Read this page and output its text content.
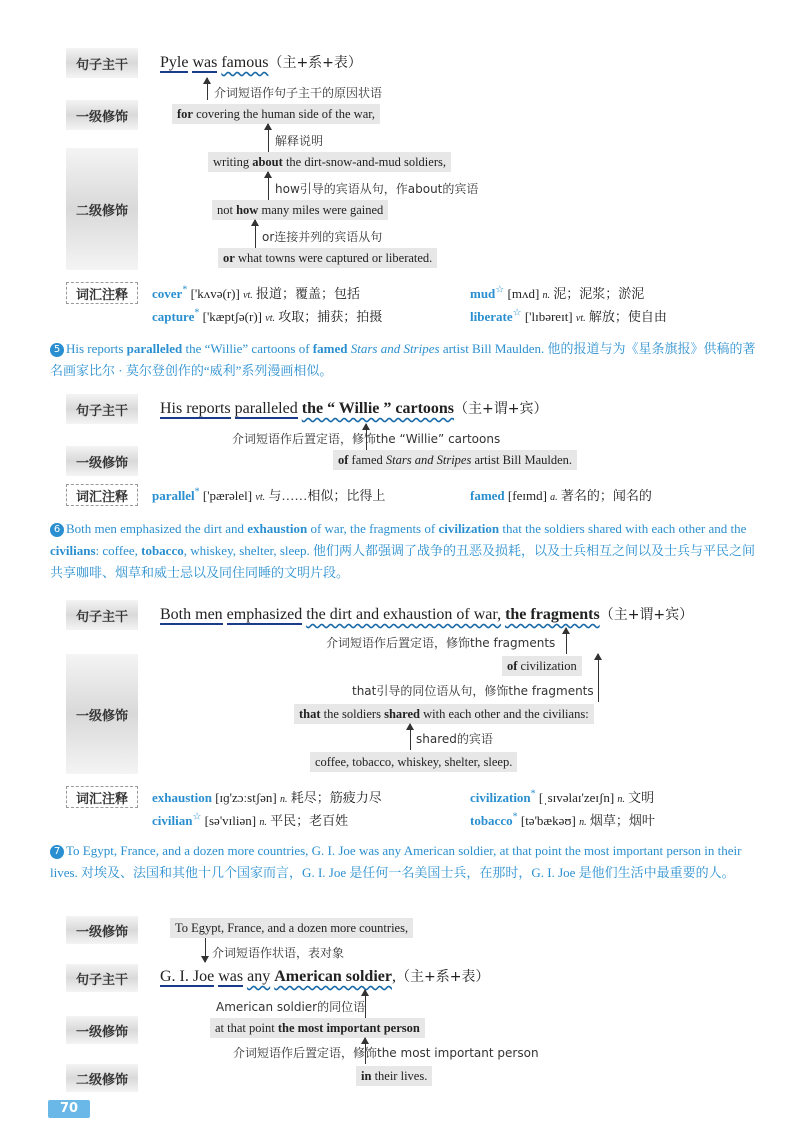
句子主干	Pyle was famous（主+系+表）
介词短语作句子主干的原因状语
一级修饰	for covering the human side of the war,
解释说明
二级修饰
writing about the dirt-snow-and-mud soldiers,
how引导的宾语从句，作about的宾语
not how many miles were gained
or连接并列的宾语从句
or what towns were captured or liberated.
词汇注释	cover* ['kʌvə(r)] vt. 报道；覆盖；包括	mud☆ [mʌd] n. 泥；泥浆；淤泥
capture* ['kæptʃə(r)] vt. 攻取；捕获；拍摄	liberate☆ ['lɪbəreɪt] vt. 解放；使自由
5 His reports paralleled the “Willie” cartoons of famed Stars and Stripes artist Bill Maulden. 他的报道与为《星条旗报》供稿的著名画家比尔 · 莫尔登创作的“威利”系列漫画相似。
句子主干	His reports paralleled the “ Willie ” cartoons（主+谓+宾）
介词短语作后置定语，修饰the “Willie” cartoons
一级修饰	of famed Stars and Stripes artist Bill Maulden.
词汇注释	parallel* ['pærəlel] vt. 与……相似；比得上	famed [feɪmd] a. 著名的；闻名的
6 Both men emphasized the dirt and exhaustion of war, the fragments of civilization that the soldiers shared with each other and the civilians: coffee, tobacco, whiskey, shelter, sleep. 他们两人都强调了战争的丑恶及损耗，以及士兵相互之间以及士兵与平民之间共享咖啡、烟草和威士忌以及同住同睡的文明片段。
句子主干	Both men emphasized the dirt and exhaustion of war, the fragments（主+谓+宾）
介词短语作后置定语，修饰the fragments
一级修饰
of civilization
that引导的同位语从句，修饰the fragments
that the soldiers shared with each other and the civilians:
shared的宾语
coffee, tobacco, whiskey, shelter, sleep.
词汇注释	exhaustion [ɪɡ'zɔːstʃən] n. 耗尽；筋疲力尽	civilization* [ˌsɪvəlaɪ'zeɪʃn] n. 文明
civilian☆ [sə'vɪliən] n. 平民；老百姓	tobacco* [tə'bækəʊ] n. 烟草；烟叶
7 To Egypt, France, and a dozen more countries, G. I. Joe was any American soldier, at that point the most important person in their lives. 对埃及、法国和其他十几个国家而言，G. I. Joe 是任何一名美国士兵，在那时，G. I. Joe 是他们生活中最重要的人。
一级修饰	To Egypt, France, and a dozen more countries,
介词短语作状语，表对象
句子主干	G. I. Joe was any American soldier,（主+系+表）
American soldier的同位语
一级修饰	at that point the most important person
介词短语作后置定语，修饰the most important person
二级修饰	in their lives.
70
